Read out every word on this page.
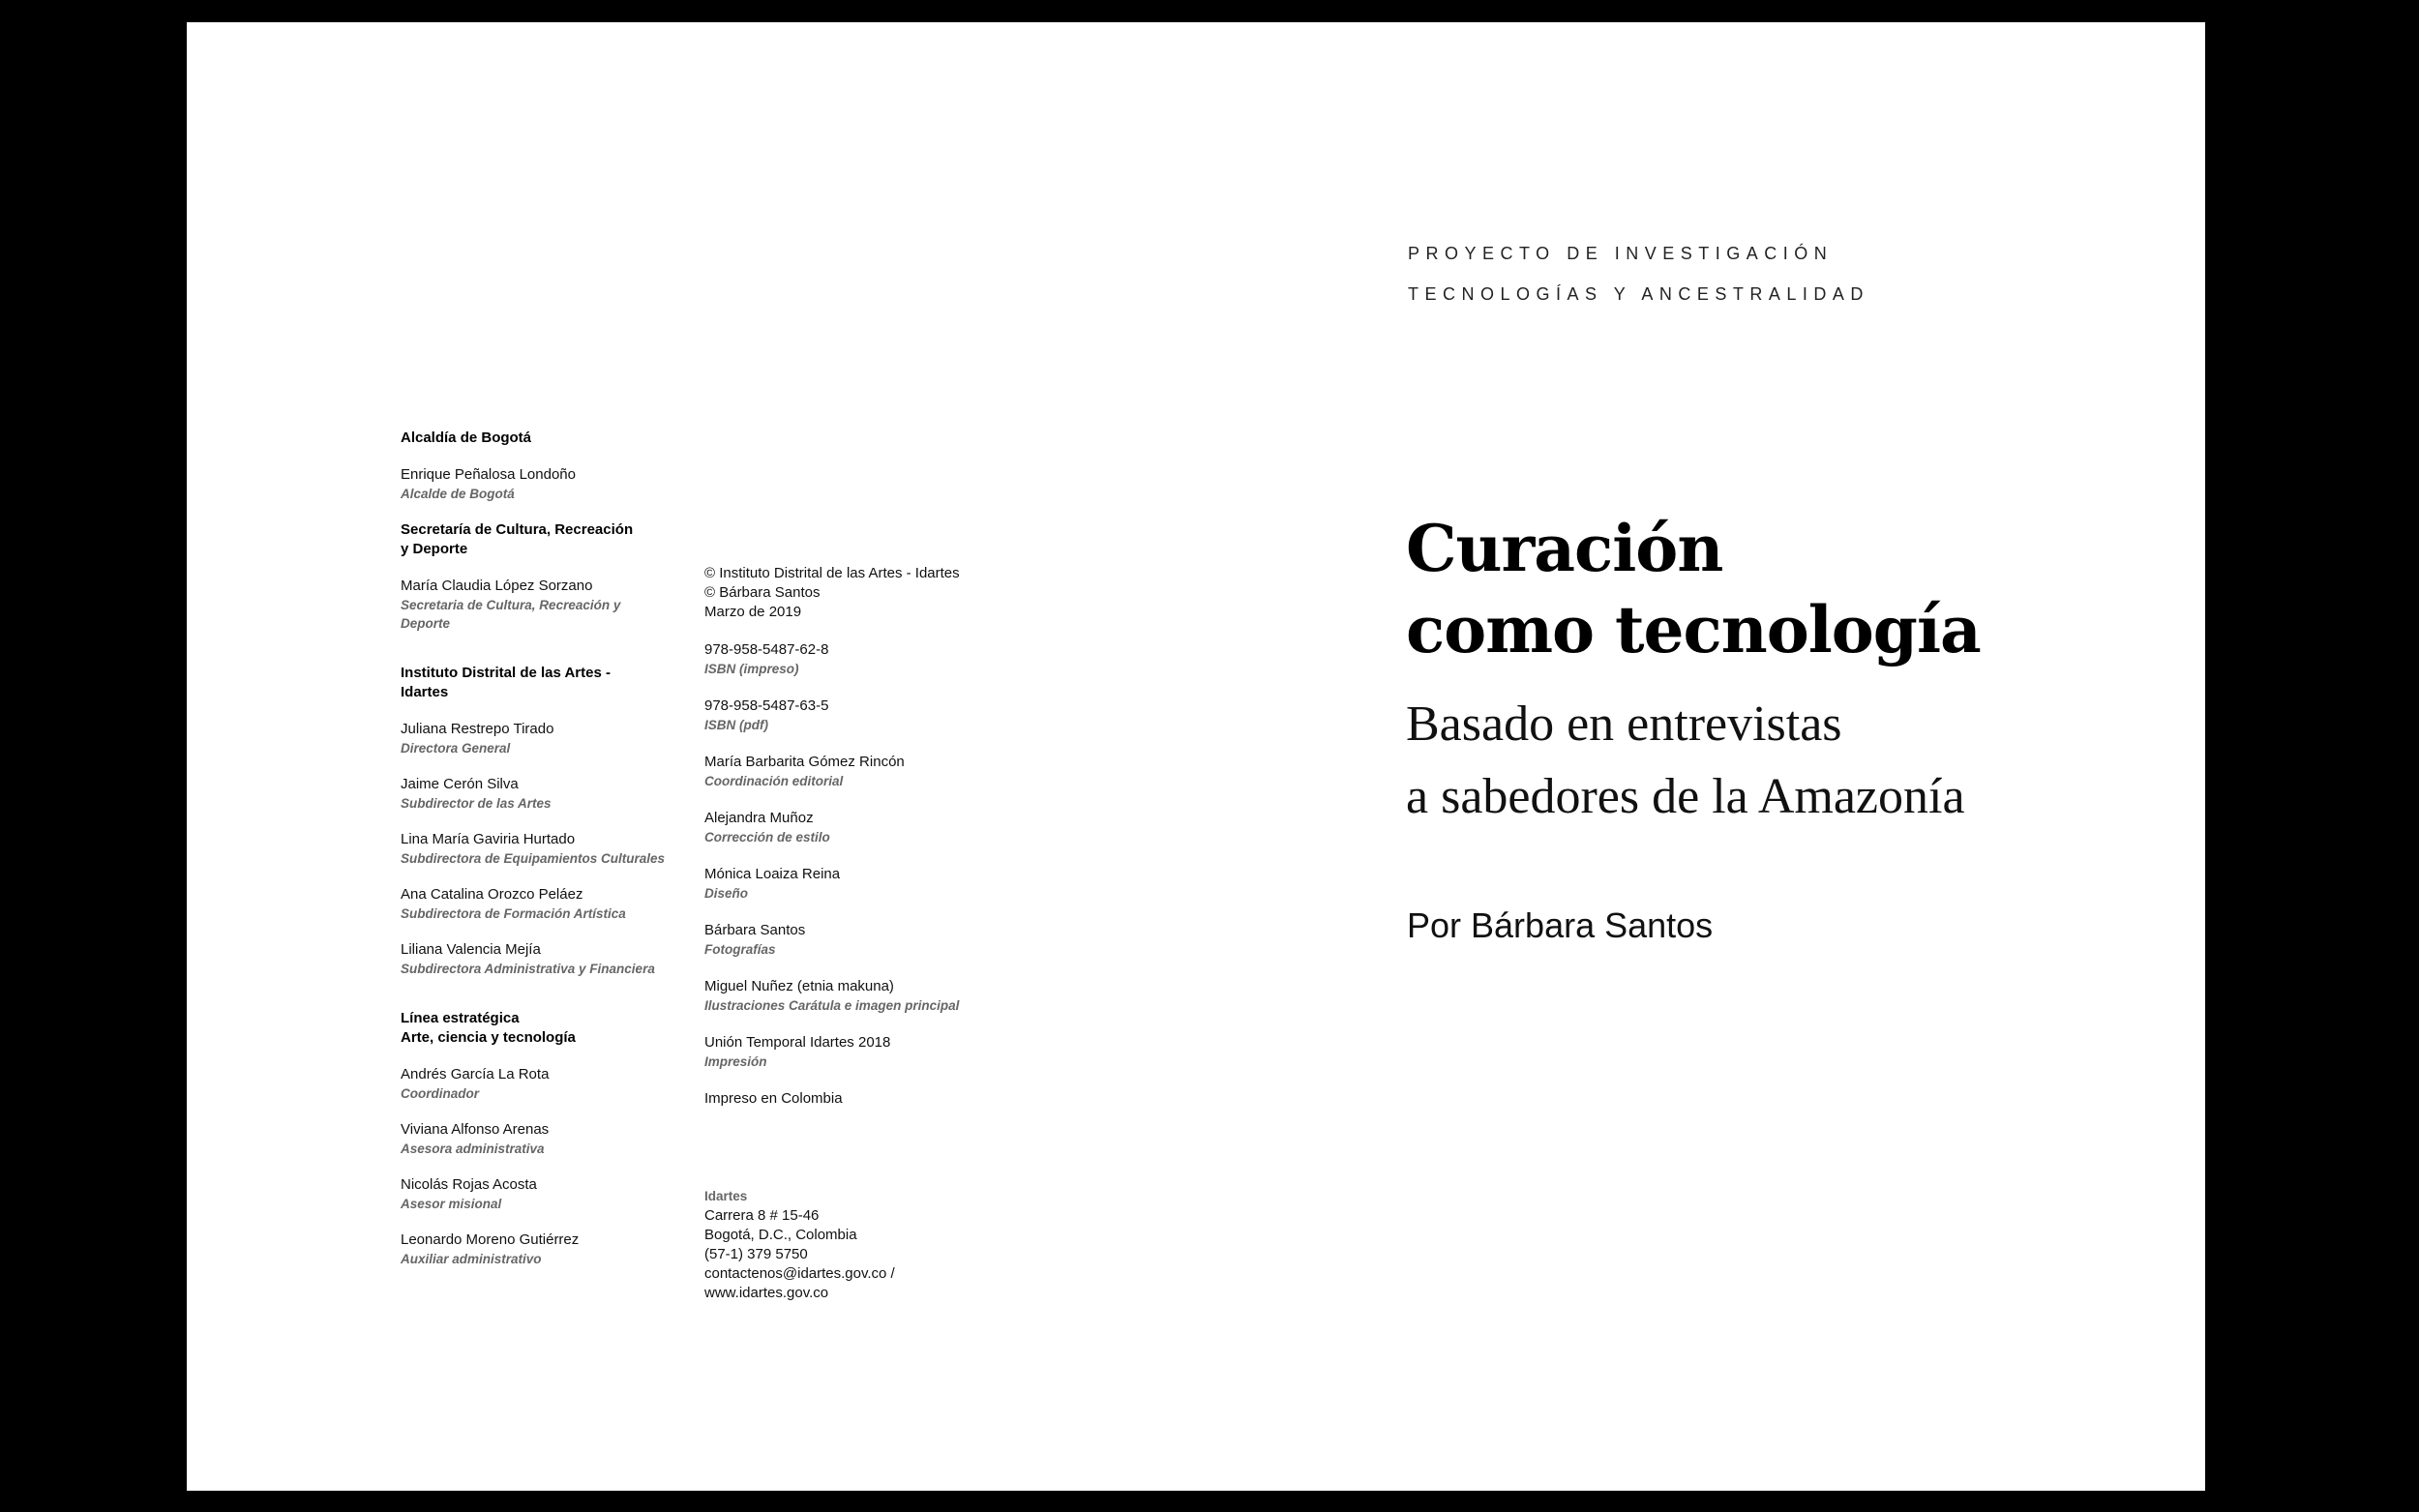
Alcaldía de Bogotá
Enrique Peñalosa Londoño
Alcalde de Bogotá
Secretaría de Cultura, Recreación
y Deporte
María Claudia López Sorzano
Secretaria de Cultura, Recreación y
Deporte
Instituto Distrital de las Artes -
Idartes
Juliana Restrepo Tirado
Directora General
Jaime Cerón Silva
Subdirector de las Artes
Lina María Gaviria Hurtado
Subdirectora de Equipamientos Culturales
Ana Catalina Orozco Peláez
Subdirectora de Formación Artística
Liliana Valencia Mejía
Subdirectora Administrativa y Financiera
Línea estratégica
Arte, ciencia y tecnología
Andrés García La Rota
Coordinador
Viviana Alfonso Arenas
Asesora administrativa
Nicolás Rojas Acosta
Asesor misional
Leonardo Moreno Gutiérrez
Auxiliar administrativo

© Instituto Distrital de las Artes - Idartes

© Bárbara Santos

Marzo de 2019

978-958-5487-62-8
ISBN (impreso)
978-958-5487-63-5
ISBN (pdf)
María Barbarita Gómez Rincón
Coordinación editorial
Alejandra Muñoz
Corrección de estilo
Mónica Loaiza Reina
Diseño
Bárbara Santos
Fotografías
Miguel Nuñez (etnia makuna)
Ilustraciones Carátula e imagen principal
Unión Temporal Idartes 2018
Impresión

Impreso en Colombia

Idartes

Carrera 8 # 15-46

Bogotá, D.C., Colombia

(57-1) 379 5750

contactenos@idartes.gov.co /

www.idartes.gov.co

PROYECTO DE INVESTIGACIÓN
TECNOLOGÍAS Y ANCESTRALIDAD
Curación
como tecnología
Basado en entrevistas
a sabedores de la Amazonía
Por Bárbara Santos
